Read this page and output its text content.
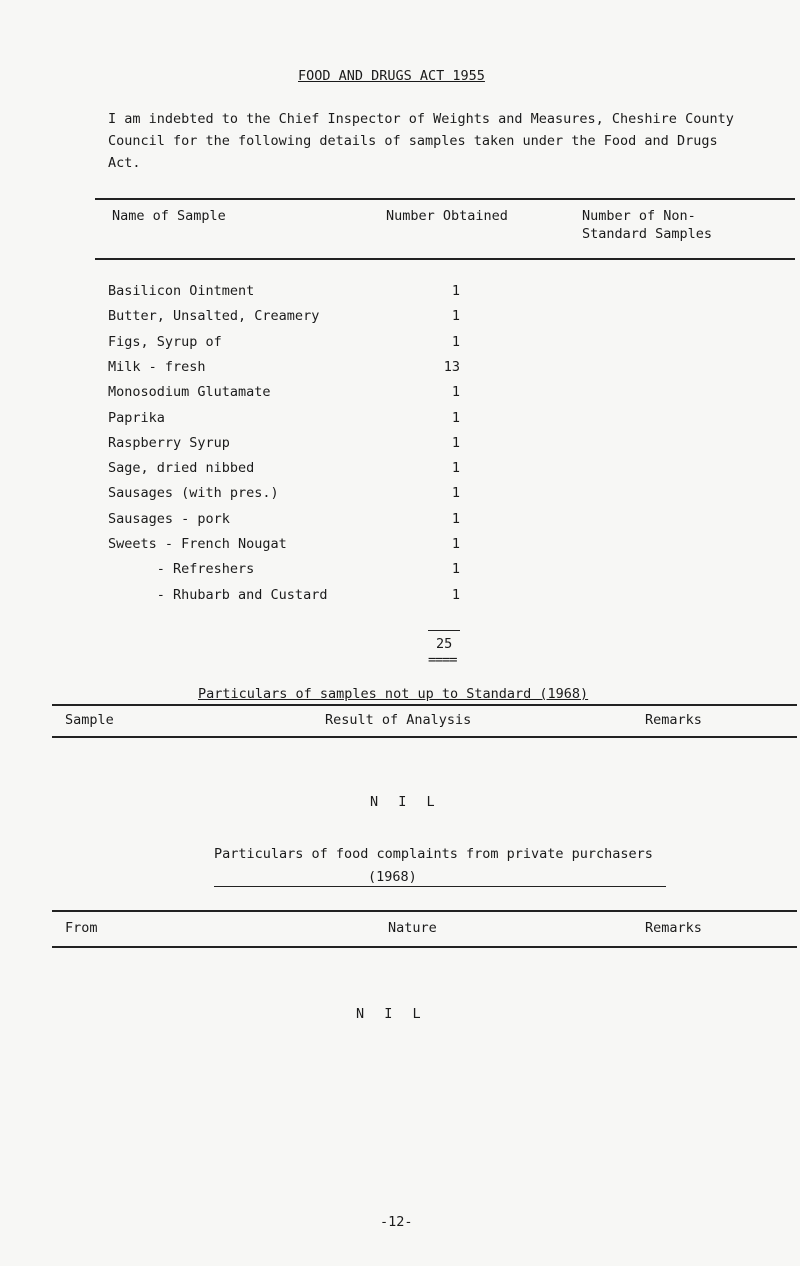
FOOD AND DRUGS ACT 1955
I am indebted to the Chief Inspector of Weights and Measures, Cheshire County Council for the following details of samples taken under the Food and Drugs Act.
Name of Sample	Number Obtained	Number of Non-
Standard Samples
Basilicon Ointment	1
Butter, Unsalted, Creamery	1
Figs, Syrup of	1
Milk - fresh	13
Monosodium Glutamate	1
Paprika	1
Raspberry Syrup	1
Sage, dried nibbed	1
Sausages (with pres.)	1
Sausages - pork	1
Sweets - French Nougat	1
- Refreshers	1
- Rhubarb and Custard	1
25
====
Particulars of samples not up to Standard (1968)
Sample	Result of Analysis	Remarks
N I L
Particulars of food complaints from private purchasers
(1968)
From	Nature	Remarks
N I L
-12-
